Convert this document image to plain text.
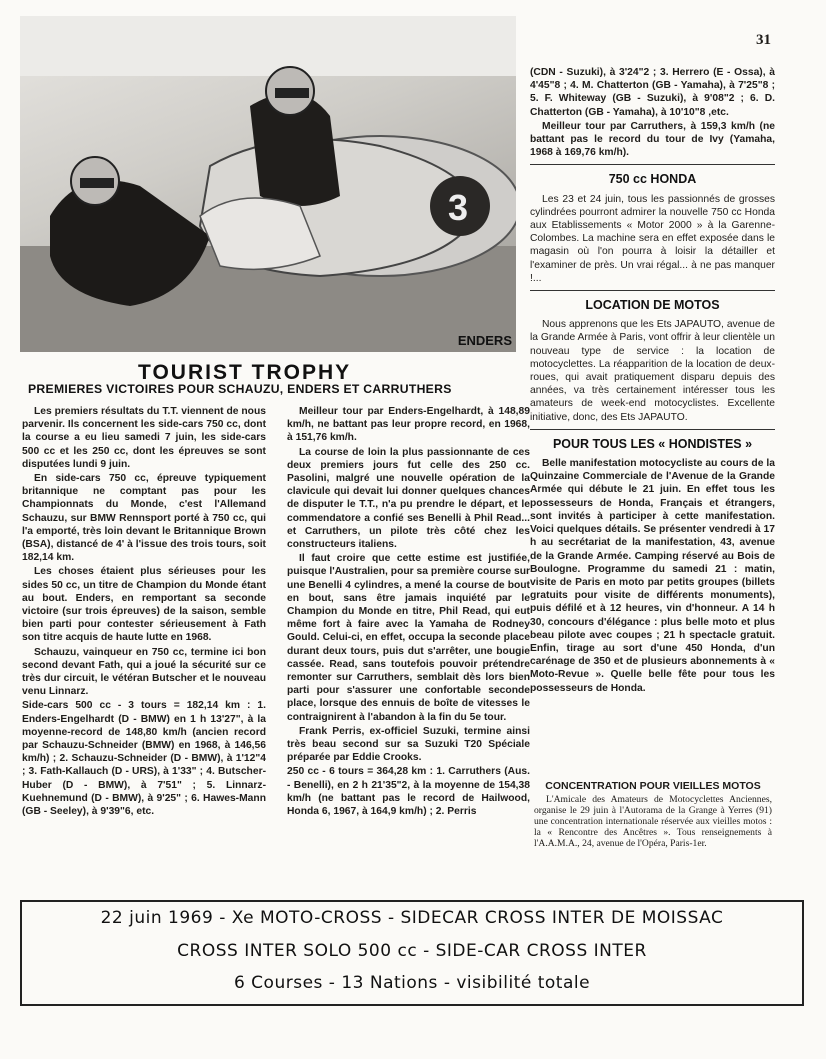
3
ENDERS
31
TOURIST TROPHY
PREMIERES VICTOIRES POUR SCHAUZU, ENDERS ET CARRUTHERS

Les premiers résultats du T.T. viennent de nous parvenir. Ils concernent les side-cars 750 cc, dont la course a eu lieu samedi 7 juin, les side-cars 500 cc et les 250 cc, dont les épreuves se sont disputées lundi 9 juin.

En side-cars 750 cc, épreuve typiquement britannique ne comptant pas pour les Championnats du Monde, c'est l'Allemand Schauzu, sur BMW Rennsport porté à 750 cc, qui l'a emporté, très loin devant le Britannique Brown (BSA), distancé de 4' à l'issue des trois tours, soit 182,14 km.

Les choses étaient plus sérieuses pour les sides 50 cc, un titre de Champion du Monde étant au bout. Enders, en remportant sa seconde victoire (sur trois épreuves) de la saison, semble bien parti pour contester sérieusement à Fath son titre acquis de haute lutte en 1968.

Schauzu, vainqueur en 750 cc, termine ici bon second devant Fath, qui a joué la sécurité sur ce très dur circuit, le vétéran Butscher et le nouveau venu Linnarz.

Side-cars 500 cc - 3 tours = 182,14 km : 1. Enders-Engelhardt (D - BMW) en 1 h 13'27", à la moyenne-record de 148,80 km/h (ancien record par Schauzu-Schneider (BMW) en 1968, à 146,56 km/h) ; 2. Schauzu-Schneider (D - BMW), à 1'12"4 ; 3. Fath-Kallauch (D - URS), à 1'33" ; 4. Butscher-Huber (D - BMW), à 7'51" ; 5. Linnarz-Kuehnemund (D - BMW), à 9'25" ; 6. Hawes-Mann (GB - Seeley), à 9'39"6, etc.

Meilleur tour par Enders-Engelhardt, à 148,89 km/h, ne battant pas leur propre record, en 1968, à 151,76 km/h.

La course de loin la plus passionnante de ces deux premiers jours fut celle des 250 cc. Pasolini, malgré une nouvelle opération de la clavicule qui devait lui donner quelques chances de disputer le T.T., n'a pu prendre le départ, et le commendatore a confié ses Benelli à Phil Read... et Carruthers, un pilote très côté chez les constructeurs italiens.

Il faut croire que cette estime est justifiée, puisque l'Australien, pour sa première course sur une Benelli 4 cylindres, a mené la course de bout en bout, sans être jamais inquiété par le Champion du Monde en titre, Phil Read, qui eut même fort à faire avec la Yamaha de Rodney Gould. Celui-ci, en effet, occupa la seconde place durant deux tours, puis dut s'arrêter, une bougie cassée. Read, sans toutefois pouvoir prétendre remonter sur Carruthers, semblait dès lors bien parti pour s'assurer une confortable seconde place, lorsque des ennuis de boîte de vitesses le contraignirent à l'abandon à la fin du 5e tour.

Frank Perris, ex-officiel Suzuki, termine ainsi très beau second sur sa Suzuki T20 Spéciale préparée par Eddie Crooks.

250 cc - 6 tours = 364,28 km : 1. Carruthers (Aus. - Benelli), en 2 h 21'35"2, à la moyenne de 154,38 km/h (ne battant pas le record de Hailwood, Honda 6, 1967, à 164,9 km/h) ; 2. Perris

(CDN - Suzuki), à 3'24"2 ; 3. Herrero (E - Ossa), à 4'45"8 ; 4. M. Chatterton (GB - Yamaha), à 7'25"8 ; 5. F. Whiteway (GB - Suzuki), à 9'08"2 ; 6. D. Chatterton (GB - Yamaha), à 10'10"8 ,etc.

Meilleur tour par Carruthers, à 159,3 km/h (ne battant pas le record du tour de Ivy (Yamaha, 1968 à 169,76 km/h).

750 cc HONDA

Les 23 et 24 juin, tous les passionnés de grosses cylindrées pourront admirer la nouvelle 750 cc Honda aux Etablissements « Motor 2000 » à la Garenne-Colombes. La machine sera en effet exposée dans le magasin où l'on pourra à loisir la détailler et l'examiner de près. Un vrai régal... à ne pas manquer !...

LOCATION DE MOTOS

Nous apprenons que les Ets JAPAUTO, avenue de la Grande Armée à Paris, vont offrir à leur clientèle un nouveau type de service : la location de motocyclettes. La réapparition de la location de deux-roues, qui avait pratiquement disparu depuis des années, va très certainement intéresser tous les amateurs de week-end motocyclistes. Excellente initiative, donc, des Ets JAPAUTO.

POUR TOUS LES « HONDISTES »

Belle manifestation motocycliste au cours de la Quinzaine Commerciale de l'Avenue de la Grande Armée qui débute le 21 juin. En effet tous les possesseurs de Honda, Français et étrangers, sont invités à participer à cette manifestation. Voici quelques détails. Se présenter vendredi à 17 h au secrétariat de la manifestation, 43, avenue de la Grande Armée. Camping réservé au Bois de Boulogne. Programme du samedi 21 : matin, visite de Paris en moto par petits groupes (billets gratuits pour visite de différents monuments), puis défilé et à 12 heures, vin d'honneur. A 14 h 30, concours d'élégance : plus belle moto et plus beau pilote avec coupes ; 21 h spectacle gratuit. Enfin, tirage au sort d'une 450 Honda, d'un carénage de 350 et de plusieurs abonnements à « Moto-Revue ». Quelle belle fête pour tous les possesseurs de Honda.

CONCENTRATION POUR VIEILLES MOTOS

L'Amicale des Amateurs de Motocyclettes Anciennes, organise le 29 juin à l'Autorama de la Grange à Yerres (91) une concentration internationale réservée aux vieilles motos : la « Rencontre des Ancêtres ». Tous renseignements à l'A.A.M.A., 24, avenue de l'Opéra, Paris-1er.

22 juin 1969 - Xe MOTO-CROSS - SIDECAR CROSS INTER DE MOISSAC
CROSS INTER SOLO 500 cc - SIDE-CAR CROSS INTER
6 Courses - 13 Nations - visibilité totale
